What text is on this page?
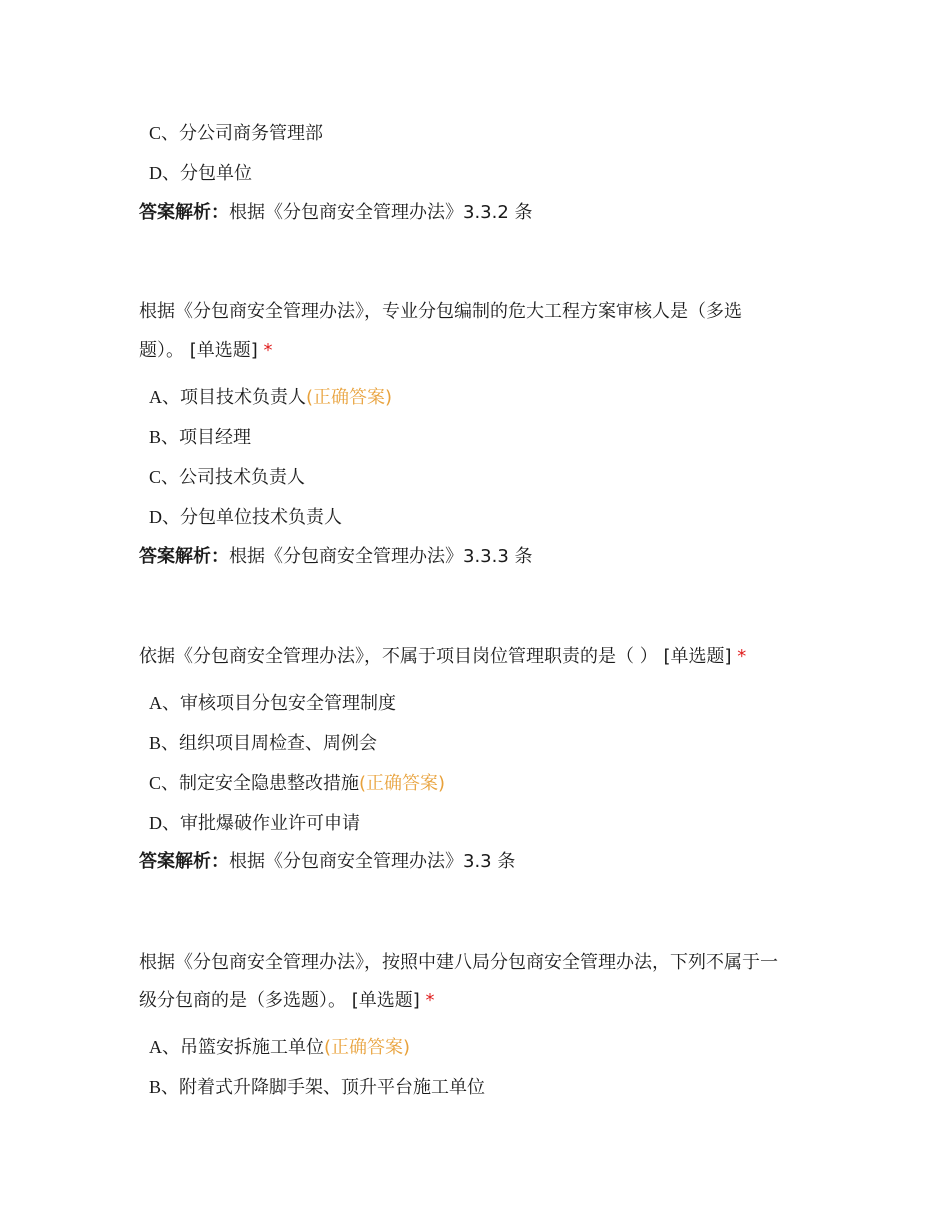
C、分公司商务管理部
D、分包单位
答案解析：根据《分包商安全管理办法》3.3.2 条
根据《分包商安全管理办法》，专业分包编制的危大工程方案审核人是（多选
题）。 [单选题] *
A、项目技术负责人(正确答案)
B、项目经理
C、公司技术负责人
D、分包单位技术负责人
答案解析：根据《分包商安全管理办法》3.3.3 条
依据《分包商安全管理办法》，不属于项目岗位管理职责的是（ ） [单选题] *
A、审核项目分包安全管理制度
B、组织项目周检查、周例会
C、制定安全隐患整改措施(正确答案)
D、审批爆破作业许可申请
答案解析：根据《分包商安全管理办法》3.3 条
根据《分包商安全管理办法》，按照中建八局分包商安全管理办法，下列不属于一
级分包商的是（多选题）。 [单选题] *
A、吊篮安拆施工单位(正确答案)
B、附着式升降脚手架、顶升平台施工单位
